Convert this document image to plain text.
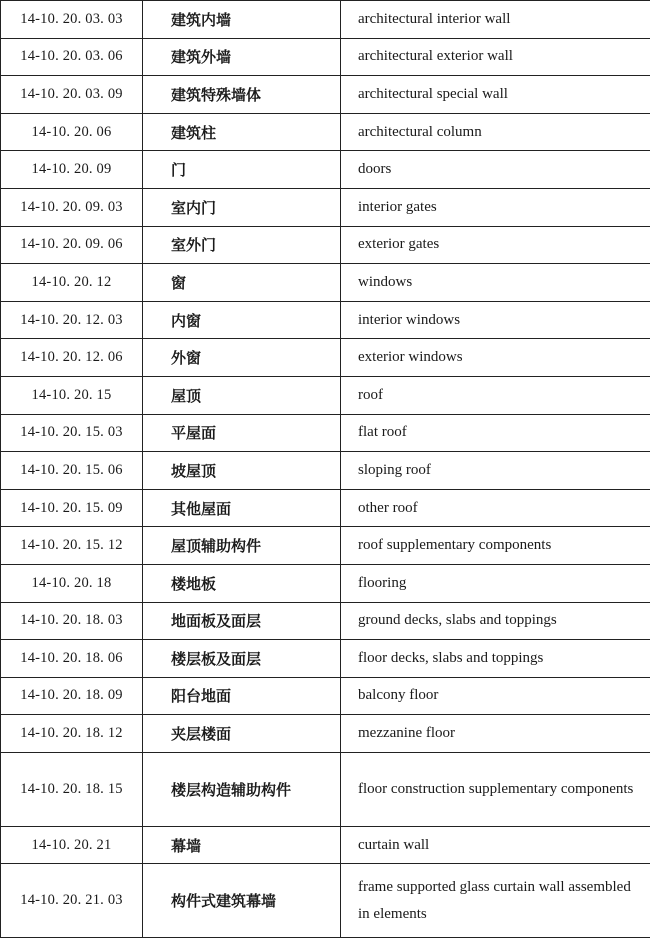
14-10. 20. 03. 03	建筑内墙	architectural interior wall
14-10. 20. 03. 06	建筑外墙	architectural exterior wall
14-10. 20. 03. 09	建筑特殊墙体	architectural special wall
14-10. 20. 06	建筑柱	architectural column
14-10. 20. 09	门	doors
14-10. 20. 09. 03	室内门	interior gates
14-10. 20. 09. 06	室外门	exterior gates
14-10. 20. 12	窗	windows
14-10. 20. 12. 03	内窗	interior windows
14-10. 20. 12. 06	外窗	exterior windows
14-10. 20. 15	屋顶	roof
14-10. 20. 15. 03	平屋面	flat roof
14-10. 20. 15. 06	坡屋顶	sloping roof
14-10. 20. 15. 09	其他屋面	other roof
14-10. 20. 15. 12	屋顶辅助构件	roof supplementary components
14-10. 20. 18	楼地板	flooring
14-10. 20. 18. 03	地面板及面层	ground decks, slabs and toppings
14-10. 20. 18. 06	楼层板及面层	floor decks, slabs and toppings
14-10. 20. 18. 09	阳台地面	balcony floor
14-10. 20. 18. 12	夹层楼面	mezzanine floor
14-10. 20. 18. 15	楼层构造辅助构件	floor construction supplementary components
14-10. 20. 21	幕墙	curtain wall
14-10. 20. 21. 03	构件式建筑幕墙	frame supported glass curtain wall assembled in elements
